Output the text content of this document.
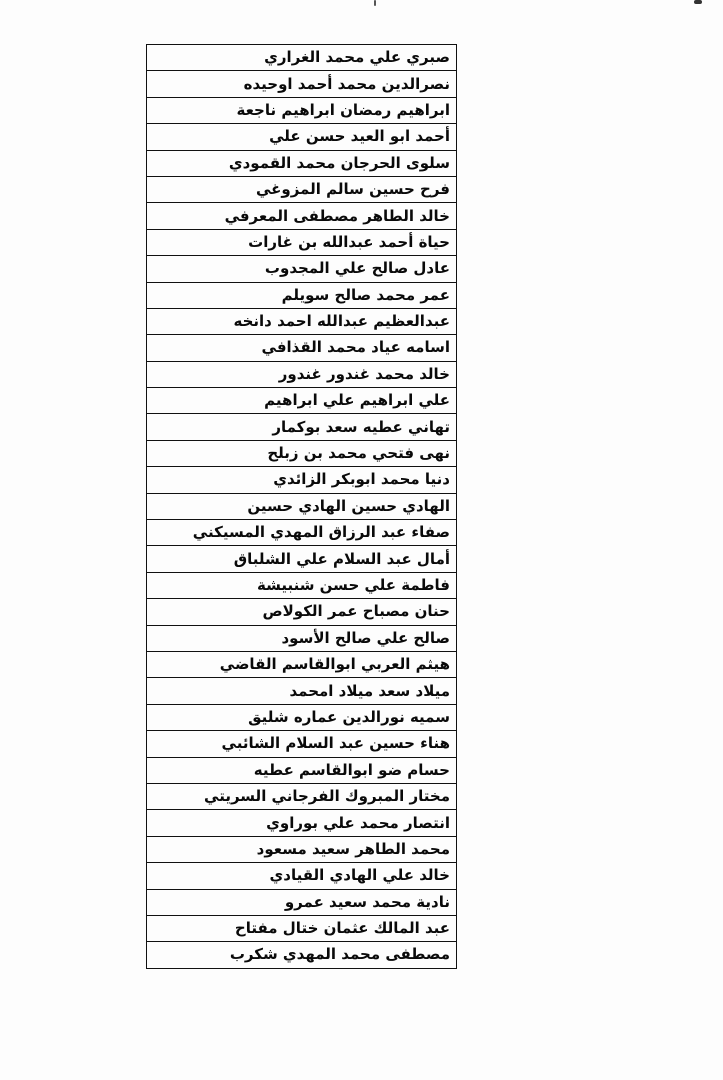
صبري علي محمد الغراري
نصرالدين محمد أحمد اوحيده
ابراهيم رمضان ابراهيم ناجعة
أحمد ابو العيد حسن علي
سلوى الحرجان محمد القمودي
فرح حسين سالم المزوغي
خالد الطاهر مصطفى المعرفي
حياة أحمد عبدالله بن غارات
عادل صالح علي المجدوب
عمر محمد صالح سويلم
عبدالعظيم عبدالله احمد دانخه
اسامه عياد محمد القذافي
خالد محمد غندور غندور
علي ابراهيم علي ابراهيم
تهاني عطيه سعد بوكمار
نهى فتحي محمد بن زبلح
دنيا محمد ابوبكر الزائدي
الهادي حسين الهادي حسين
صفاء عبد الرزاق المهدي المسيكني
أمال عبد السلام علي الشلباق
فاطمة علي حسن شنبيشة
حنان مصباح عمر الكولاص
صالح علي صالح الأسود
هيثم العربي ابوالقاسم القاضي
ميلاد سعد ميلاد امحمد
سميه نورالدين عماره شليق
هناء حسين عبد السلام الشائبي
حسام ضو ابوالقاسم عطيه
مختار المبروك الفرجاني السريتي
انتصار محمد علي بوراوي
محمد الطاهر سعيد مسعود
خالد علي الهادي القيادي
نادية محمد سعيد عمرو
عبد المالك عثمان ختال مفتاح
مصطفى محمد المهدي شكرب
